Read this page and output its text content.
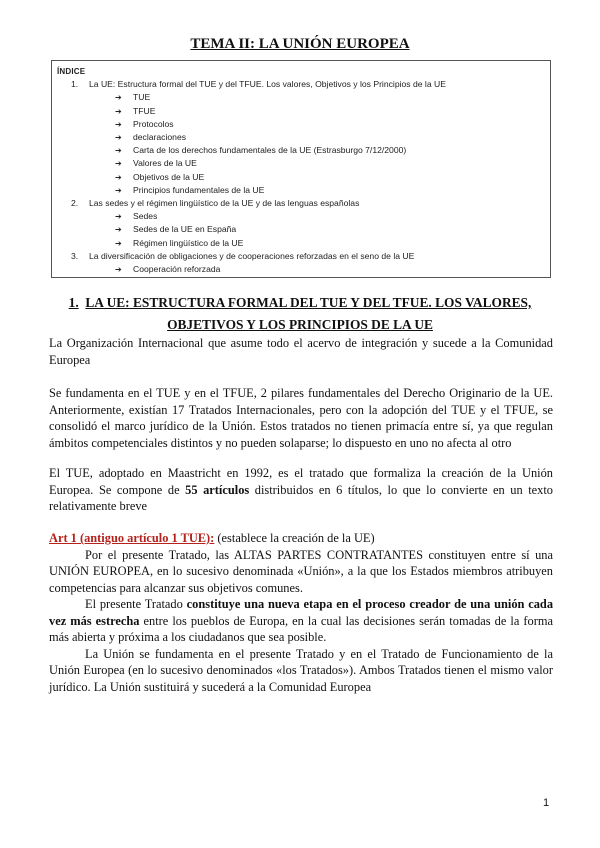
TEMA II: LA UNIÓN EUROPEA
ÍNDICE
1.	La UE: Estructura formal del TUE y del TFUE. Los valores, Objetivos y los Principios de la UE
➔	TUE
➔	TFUE
➔	Protocolos
➔	declaraciones
➔	Carta de los derechos fundamentales de la UE (Estrasburgo 7/12/2000)
➔	Valores de la UE
➔	Objetivos de la UE
➔	Principios fundamentales de la UE
2.	Las sedes y el régimen lingüístico de la UE y de las lenguas españolas
➔	Sedes
➔	Sedes de la UE en España
➔	Régimen lingüístico de la UE
3.	La diversificación de obligaciones y de cooperaciones reforzadas en el seno de la UE
➔	Cooperación reforzada
1. LA UE: ESTRUCTURA FORMAL DEL TUE Y DEL TFUE. LOS VALORES,
OBJETIVOS Y LOS PRINCIPIOS DE LA UE

La Organización Internacional que asume todo el acervo de integración y sucede a la Comunidad Europea

Se fundamenta en el TUE y en el TFUE, 2 pilares fundamentales del Derecho Originario de la UE. Anteriormente, existían 17 Tratados Internacionales, pero con la adopción del TUE y el TFUE, se consolidó el marco jurídico de la Unión. Estos tratados no tienen primacía entre sí, ya que regulan ámbitos competenciales distintos y no pueden solaparse; lo dispuesto en uno no afecta al otro

El TUE, adoptado en Maastricht en 1992, es el tratado que formaliza la creación de la Unión Europea. Se compone de 55 artículos distribuidos en 6 títulos, lo que lo convierte en un texto relativamente breve

Art 1 (antiguo artículo 1 TUE): (establece la creación de la UE)
Por el presente Tratado, las ALTAS PARTES CONTRATANTES constituyen entre sí una UNIÓN EUROPEA, en lo sucesivo denominada «Unión», a la que los Estados miembros atribuyen competencias para alcanzar sus objetivos comunes.
El presente Tratado constituye una nueva etapa en el proceso creador de una unión cada vez más estrecha entre los pueblos de Europa, en la cual las decisiones serán tomadas de la forma más abierta y próxima a los ciudadanos que sea posible.
La Unión se fundamenta en el presente Tratado y en el Tratado de Funcionamiento de la Unión Europea (en lo sucesivo denominados «los Tratados»). Ambos Tratados tienen el mismo valor jurídico. La Unión sustituirá y sucederá a la Comunidad Europea
1
